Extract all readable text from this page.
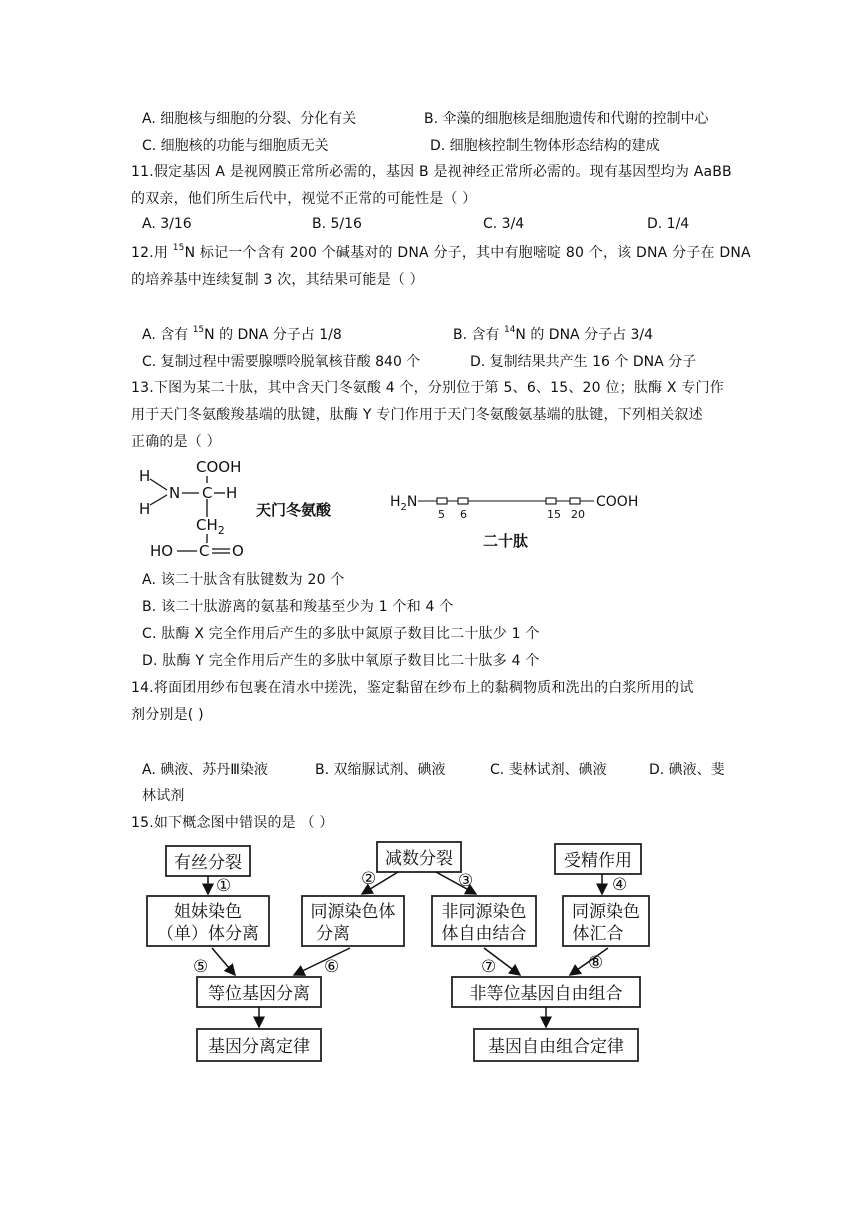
A. 细胞核与细胞的分裂、分化有关	B. 伞藻的细胞核是细胞遗传和代谢的控制中心
C. 细胞核的功能与细胞质无关	D. 细胞核控制生物体形态结构的建成
11.假定基因 A 是视网膜正常所必需的，基因 B 是视神经正常所必需的。现有基因型均为 AaBB
的双亲，他们所生后代中，视觉不正常的可能性是（ ）
A. 3/16	B. 5/16	C. 3/4	D. 1/4
12.用 $^{15}$N 标记一个含有 200 个碱基对的 DNA 分子，其中有胞嘧啶 80 个，该 DNA 分子在 DNA
的培养基中连续复制 3 次，其结果可能是（ ）
A. 含有 $^{15}$N 的 DNA 分子占 1/8	B. 含有 $^{14}$N 的 DNA 分子占 3/4
C. 复制过程中需要腺嘌呤脱氧核苷酸 840 个	D. 复制结果共产生 16 个 DNA 分子
13.下图为某二十肽，其中含天门冬氨酸 4 个，分别位于第 5、6、15、20 位；肽酶 X 专门作
用于天门冬氨酸羧基端的肽键，肽酶 Y 专门作用于天门冬氨酸氨基端的肽键，下列相关叙述
正确的是（ ）
H
N C H
H
COOH
$CH_2$
HO C O
天门冬氨酸	$H_2N$	COOH
5 6	15 20
二十肽
A. 该二十肽含有肽键数为 20 个
B. 该二十肽游离的氨基和羧基至少为 1 个和 4 个
C. 肽酶 X 完全作用后产生的多肽中氮原子数目比二十肽少 1 个
D. 肽酶 Y 完全作用后产生的多肽中氧原子数目比二十肽多 4 个
14.将面团用纱布包裹在清水中搓洗，鉴定黏留在纱布上的黏稠物质和洗出的白浆所用的试
剂分别是( )
A. 碘液、苏丹Ⅲ染液	B. 双缩脲试剂、碘液	C. 斐林试剂、碘液	D. 碘液、斐
林试剂
15.如下概念图中错误的是 （ ）
有丝分裂	减数分裂	受精作用
姐妹染色
（单）体分离
同源染色体
分离
非同源染色
体自由结合
同源染色
体汇合
等位基因分离	非等位基因自由组合
基因分离定律	基因自由组合定律
①	②	③	④
⑤	⑥	⑦	⑧
